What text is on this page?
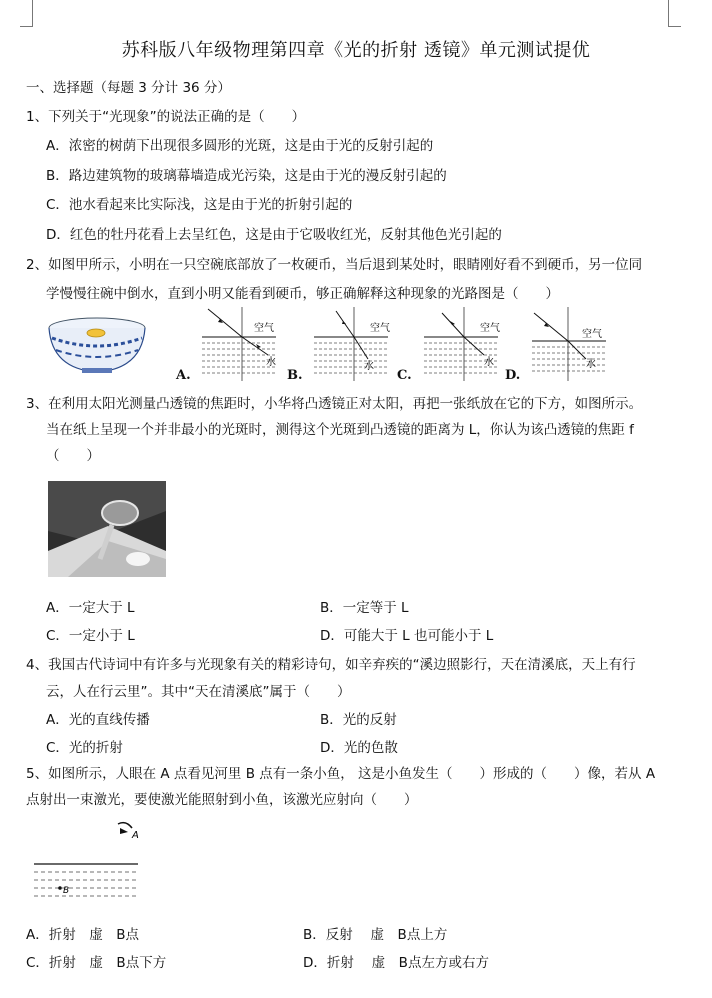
苏科版八年级物理第四章《光的折射 透镜》单元测试提优
一、选择题（每题 3 分计 36 分）
1、下列关于“光现象”的说法正确的是（　　）
A．浓密的树荫下出现很多圆形的光斑，这是由于光的反射引起的
B．路边建筑物的玻璃幕墙造成光污染，这是由于光的漫反射引起的
C．池水看起来比实际浅，这是由于光的折射引起的
D．红色的牡丹花看上去呈红色，这是由于它吸收红光，反射其他色光引起的
2、如图甲所示，小明在一只空碗底部放了一枚硬币，当后退到某处时，眼睛刚好看不到硬币，另一位同
学慢慢往碗中倒水，直到小明又能看到硬币，够正确解释这种现象的光路图是（　　）
空气
水
空气
水
空气
水
空气
水
A.	B.	C.	D.
3、在利用太阳光测量凸透镜的焦距时，小华将凸透镜正对太阳，再把一张纸放在它的下方，如图所示。
当在纸上呈现一个并非最小的光斑时，测得这个光斑到凸透镜的距离为 L，你认为该凸透镜的焦距 f
（　　）
A．一定大于 L	B．一定等于 L
C．一定小于 L	D．可能大于 L 也可能小于 L
4、我国古代诗词中有许多与光现象有关的精彩诗句，如辛弃疾的“溪边照影行，天在清溪底，天上有行
云，人在行云里”。其中“天在清溪底”属于（　　）
A．光的直线传播	B．光的反射
C．光的折射	D．光的色散
5、如图所示，人眼在 A 点看见河里 B 点有一条小鱼， 这是小鱼发生（　　）形成的（　　）像，若从 A
点射出一束激光，要使激光能照射到小鱼，该激光应射向（　　）
A
B
A．折射　虚　B点	B．反射　 虚　B点上方
C．折射　虚　B点下方	D．折射　 虚　B点左方或右方
